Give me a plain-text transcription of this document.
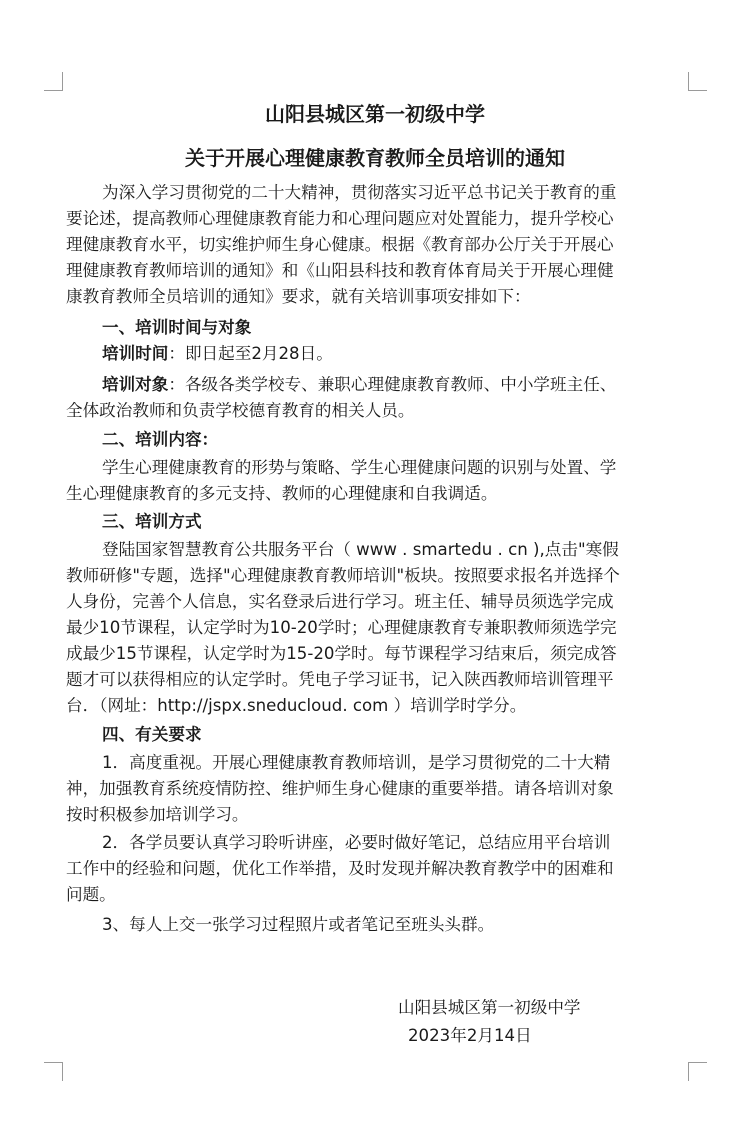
山阳县城区第一初级中学
关于开展心理健康教育教师全员培训的通知

为深入学习贯彻党的二十大精神，贯彻落实习近平总书记关于教育的重

要论述，提高教师心理健康教育能力和心理问题应对处置能力，提升学校心

理健康教育水平，切实维护师生身心健康。根据《教育部办公厅关于开展心

理健康教育教师培训的通知》和《山阳县科技和教育体育局关于开展心理健

康教育教师全员培训的通知》要求，就有关培训事项安排如下：

一、培训时间与对象

培训时间：即日起至2月28日。

培训对象：各级各类学校专、兼职心理健康教育教师、中小学班主任、

全体政治教师和负责学校德育教育的相关人员。

二、培训内容：

学生心理健康教育的形势与策略、学生心理健康问题的识别与处置、学

生心理健康教育的多元支持、教师的心理健康和自我调适。

三、培训方式

登陆国家智慧教育公共服务平台（ www . smartedu . cn ),点击"寒假

教师研修"专题，选择"心理健康教育教师培训"板块。按照要求报名并选择个

人身份，完善个人信息，实名登录后进行学习。班主任、辅导员须选学完成

最少10节课程，认定学时为10-20学时；心理健康教育专兼职教师须选学完

成最少15节课程，认定学时为15-20学时。每节课程学习结束后，须完成答

题才可以获得相应的认定学时。凭电子学习证书，记入陕西教师培训管理平

台．（网址：http://jspx.sneducloud. com ）培训学时学分。

四、有关要求

1．高度重视。开展心理健康教育教师培训，是学习贯彻党的二十大精

神，加强教育系统疫情防控、维护师生身心健康的重要举措。请各培训对象

按时积极参加培训学习。

2．各学员要认真学习聆听讲座，必要时做好笔记，总结应用平台培训

工作中的经验和问题，优化工作举措，及时发现并解决教育教学中的困难和

问题。

3、每人上交一张学习过程照片或者笔记至班头头群。

山阳县城区第一初级中学

2023年2月14日
